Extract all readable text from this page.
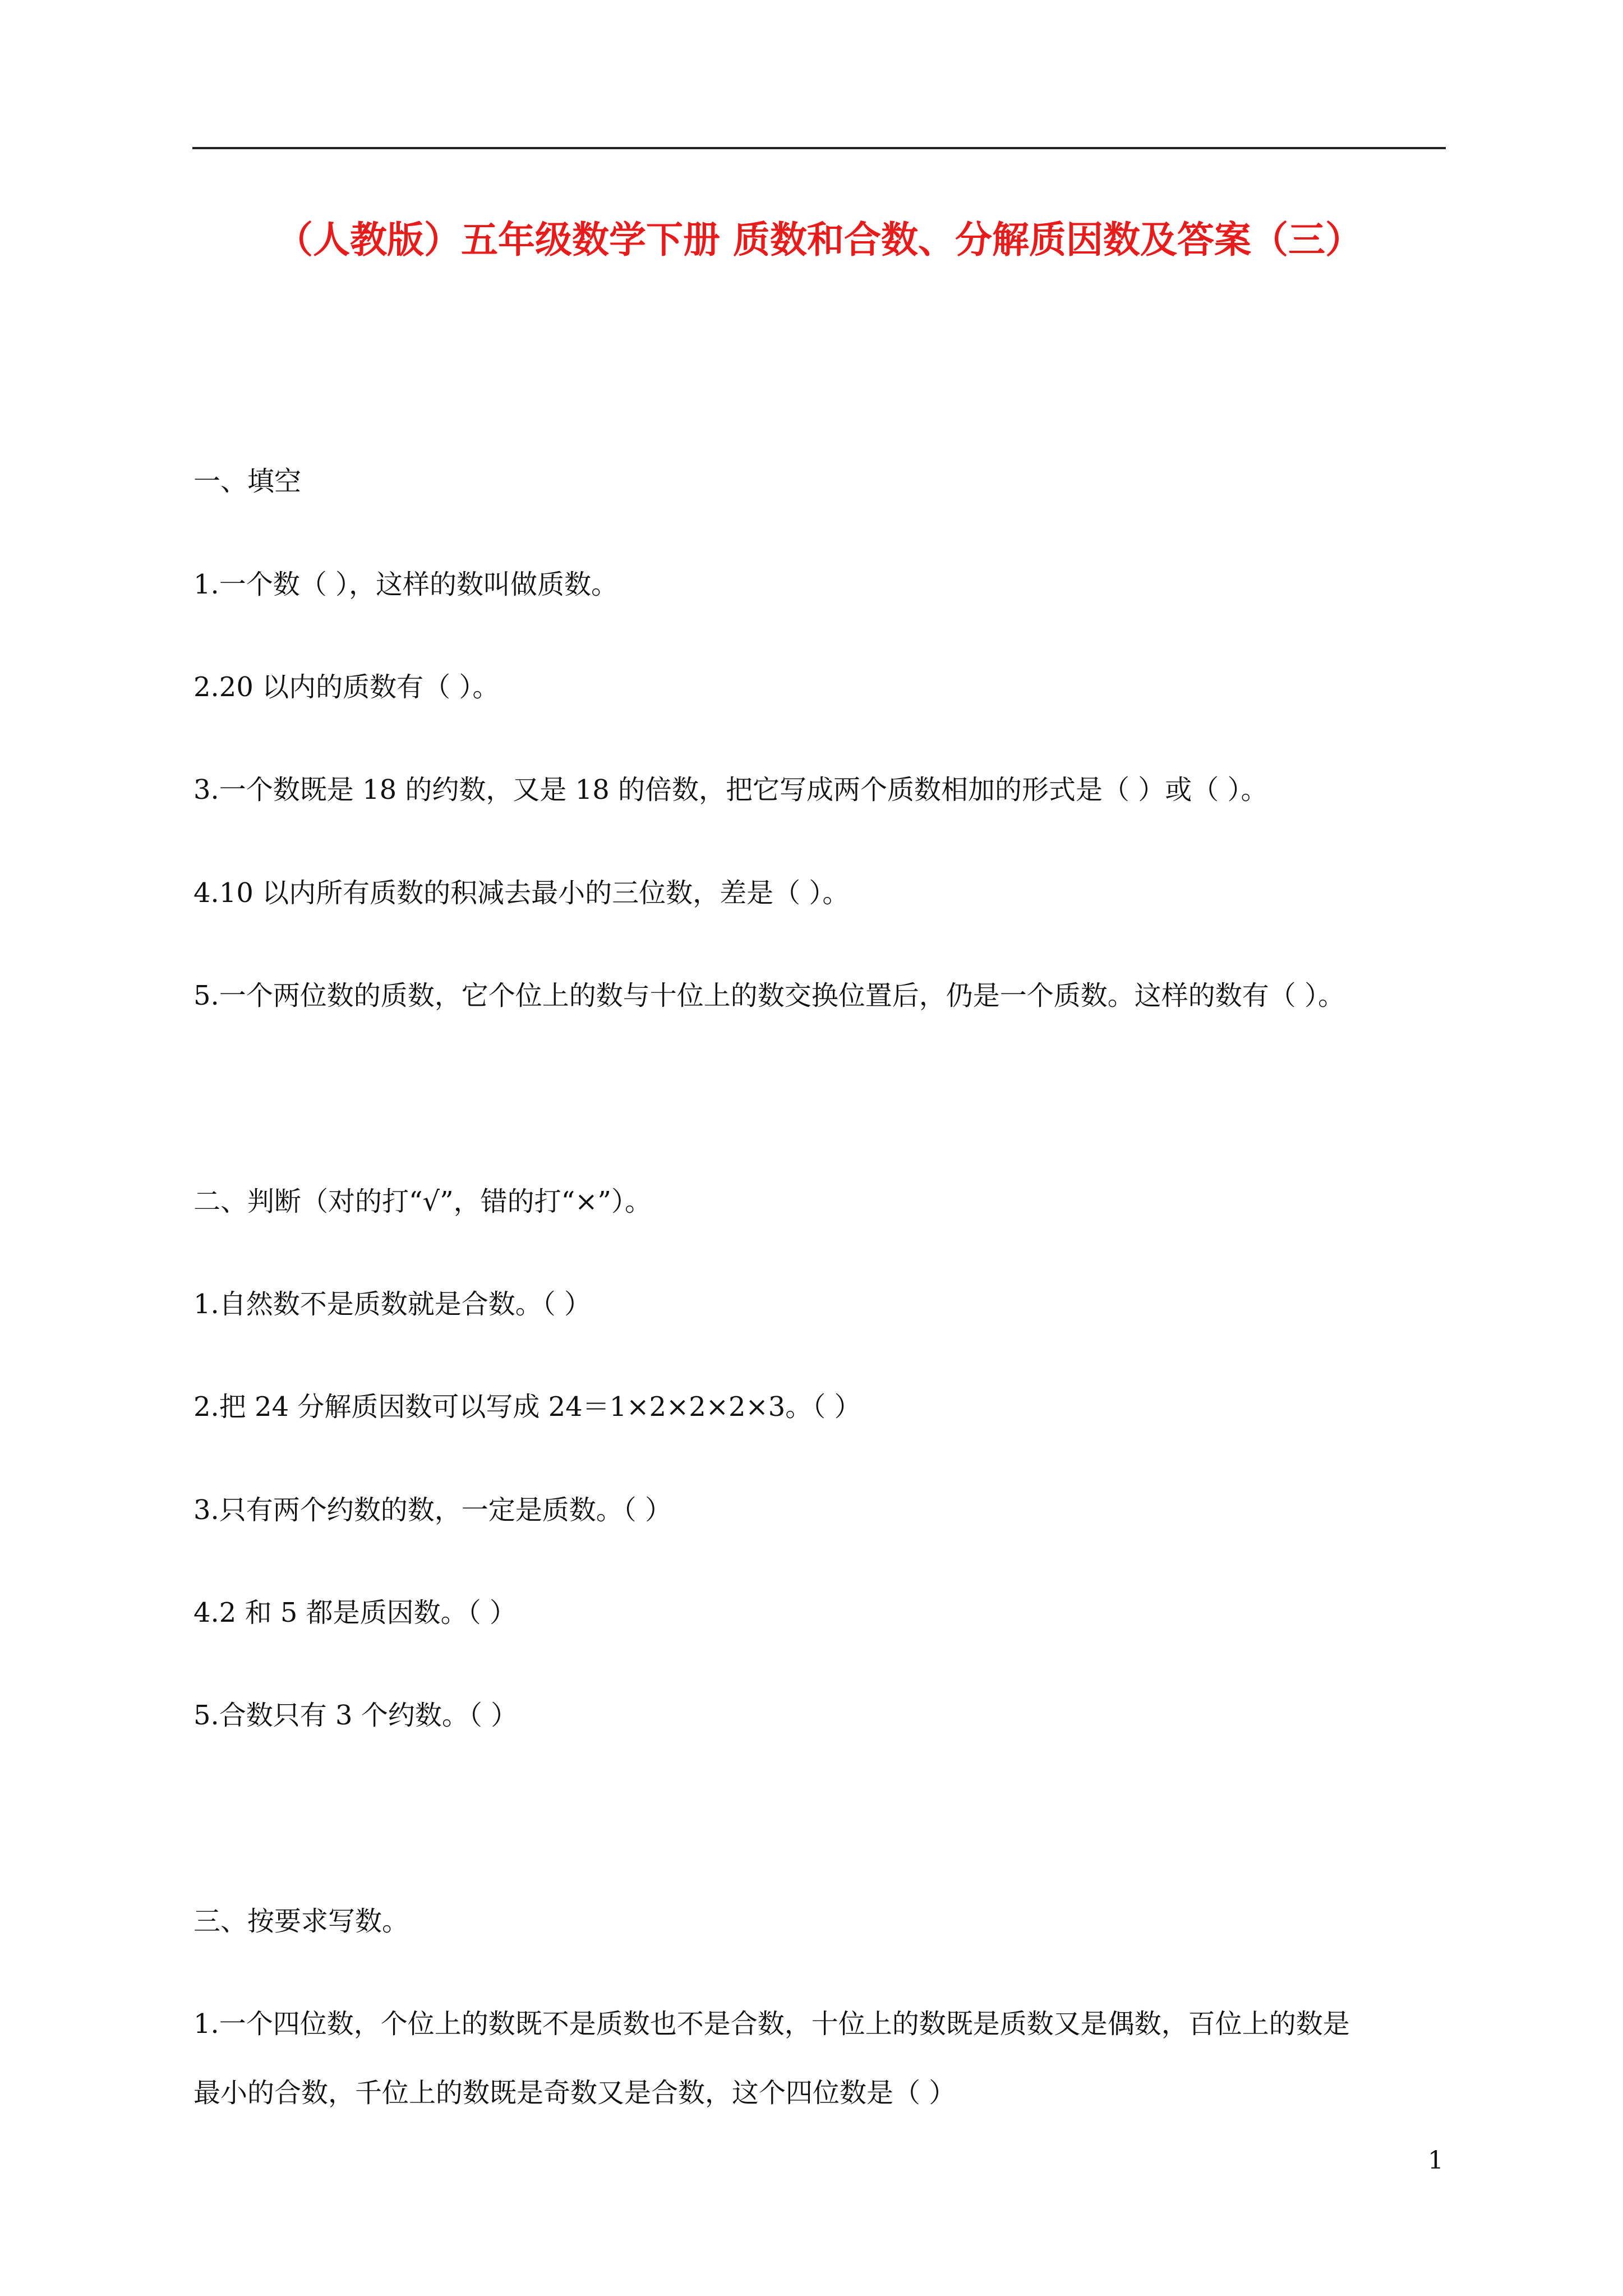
（人教版）五年级数学下册 质数和合数、分解质因数及答案（三）
一、填空
1.一个数（ ），这样的数叫做质数。
2.20 以内的质数有（ ）。
3.一个数既是 18 的约数，又是 18 的倍数，把它写成两个质数相加的形式是（ ）或（ ）。
4.10 以内所有质数的积减去最小的三位数，差是（ ）。
5.一个两位数的质数，它个位上的数与十位上的数交换位置后，仍是一个质数。这样的数有（ ）。
二、判断（对的打“√”，错的打“×”）。
1.自然数不是质数就是合数。（ ）
2.把 24 分解质因数可以写成 24＝1×2×2×2×3。（ ）
3.只有两个约数的数，一定是质数。（ ）
4.2 和 5 都是质因数。（ ）
5.合数只有 3 个约数。（ ）
三、按要求写数。
1.一个四位数，个位上的数既不是质数也不是合数，十位上的数既是质数又是偶数，百位上的数是
最小的合数，千位上的数既是奇数又是合数，这个四位数是（ ）
1
